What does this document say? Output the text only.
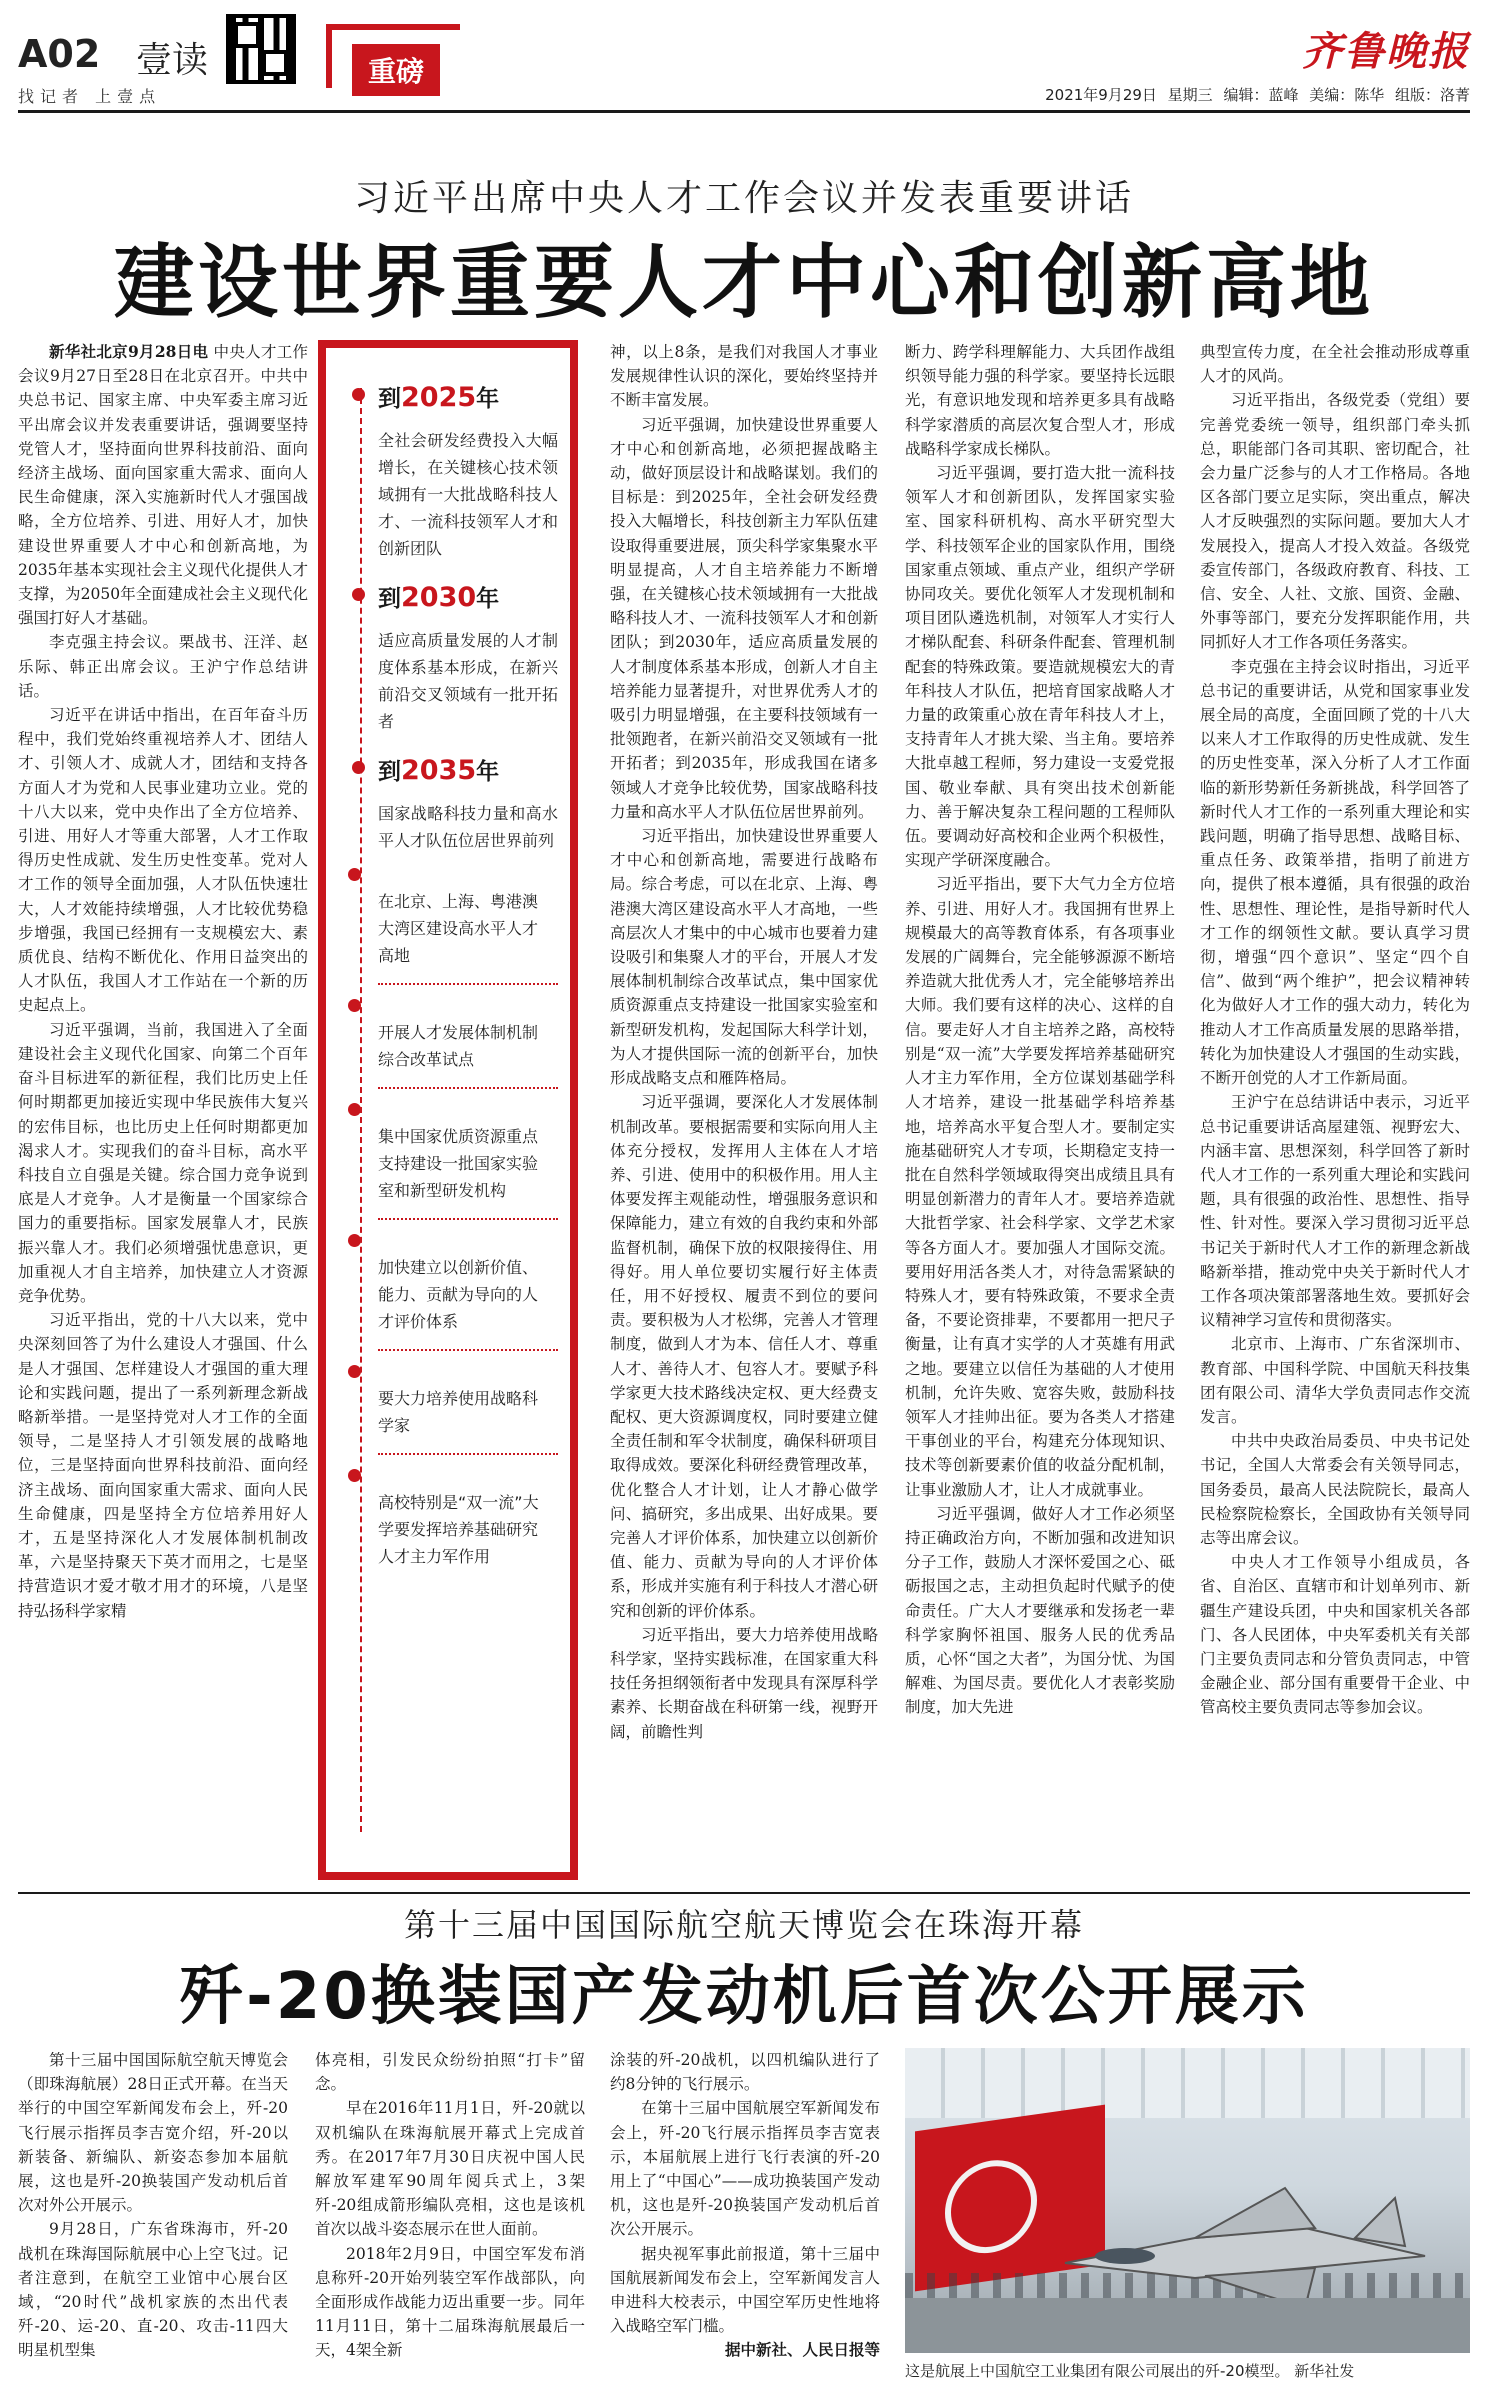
A02 壹读
找记者 上壹点
重磅	齐鲁晚报
2021年9月29日 星期三 编辑：蓝峰 美编：陈华 组版：洛菁
习近平出席中央人才工作会议并发表重要讲话
建设世界重要人才中心和创新高地

新华社北京9月28日电 中央人才工作会议9月27日至28日在北京召开。中共中央总书记、国家主席、中央军委主席习近平出席会议并发表重要讲话，强调要坚持党管人才，坚持面向世界科技前沿、面向经济主战场、面向国家重大需求、面向人民生命健康，深入实施新时代人才强国战略，全方位培养、引进、用好人才，加快建设世界重要人才中心和创新高地，为2035年基本实现社会主义现代化提供人才支撑，为2050年全面建成社会主义现代化强国打好人才基础。

李克强主持会议。栗战书、汪洋、赵乐际、韩正出席会议。王沪宁作总结讲话。

习近平在讲话中指出，在百年奋斗历程中，我们党始终重视培养人才、团结人才、引领人才、成就人才，团结和支持各方面人才为党和人民事业建功立业。党的十八大以来，党中央作出了全方位培养、引进、用好人才等重大部署，人才工作取得历史性成就、发生历史性变革。党对人才工作的领导全面加强，人才队伍快速壮大，人才效能持续增强，人才比较优势稳步增强，我国已经拥有一支规模宏大、素质优良、结构不断优化、作用日益突出的人才队伍，我国人才工作站在一个新的历史起点上。

习近平强调，当前，我国进入了全面建设社会主义现代化国家、向第二个百年奋斗目标进军的新征程，我们比历史上任何时期都更加接近实现中华民族伟大复兴的宏伟目标，也比历史上任何时期都更加渴求人才。实现我们的奋斗目标，高水平科技自立自强是关键。综合国力竞争说到底是人才竞争。人才是衡量一个国家综合国力的重要指标。国家发展靠人才，民族振兴靠人才。我们必须增强忧患意识，更加重视人才自主培养，加快建立人才资源竞争优势。

习近平指出，党的十八大以来，党中央深刻回答了为什么建设人才强国、什么是人才强国、怎样建设人才强国的重大理论和实践问题，提出了一系列新理念新战略新举措。一是坚持党对人才工作的全面领导，二是坚持人才引领发展的战略地位，三是坚持面向世界科技前沿、面向经济主战场、面向国家重大需求、面向人民生命健康，四是坚持全方位培养用好人才，五是坚持深化人才发展体制机制改革，六是坚持聚天下英才而用之，七是坚持营造识才爱才敬才用才的环境，八是坚持弘扬科学家精

到2025年
全社会研发经费投入大幅增长，在关键核心技术领域拥有一大批战略科技人才、一流科技领军人才和创新团队
到2030年
适应高质量发展的人才制度体系基本形成，在新兴前沿交叉领域有一批开拓者
到2035年
国家战略科技力量和高水平人才队伍位居世界前列
在北京、上海、粤港澳大湾区建设高水平人才高地
开展人才发展体制机制综合改革试点
集中国家优质资源重点支持建设一批国家实验室和新型研发机构
加快建立以创新价值、能力、贡献为导向的人才评价体系
要大力培养使用战略科学家
高校特别是“双一流”大学要发挥培养基础研究人才主力军作用

神，以上8条，是我们对我国人才事业发展规律性认识的深化，要始终坚持并不断丰富发展。

习近平强调，加快建设世界重要人才中心和创新高地，必须把握战略主动，做好顶层设计和战略谋划。我们的目标是：到2025年，全社会研发经费投入大幅增长，科技创新主力军队伍建设取得重要进展，顶尖科学家集聚水平明显提高，人才自主培养能力不断增强，在关键核心技术领域拥有一大批战略科技人才、一流科技领军人才和创新团队；到2030年，适应高质量发展的人才制度体系基本形成，创新人才自主培养能力显著提升，对世界优秀人才的吸引力明显增强，在主要科技领域有一批领跑者，在新兴前沿交叉领域有一批开拓者；到2035年，形成我国在诸多领域人才竞争比较优势，国家战略科技力量和高水平人才队伍位居世界前列。

习近平指出，加快建设世界重要人才中心和创新高地，需要进行战略布局。综合考虑，可以在北京、上海、粤港澳大湾区建设高水平人才高地，一些高层次人才集中的中心城市也要着力建设吸引和集聚人才的平台，开展人才发展体制机制综合改革试点，集中国家优质资源重点支持建设一批国家实验室和新型研发机构，发起国际大科学计划，为人才提供国际一流的创新平台，加快形成战略支点和雁阵格局。

习近平强调，要深化人才发展体制机制改革。要根据需要和实际向用人主体充分授权，发挥用人主体在人才培养、引进、使用中的积极作用。用人主体要发挥主观能动性，增强服务意识和保障能力，建立有效的自我约束和外部监督机制，确保下放的权限接得住、用得好。用人单位要切实履行好主体责任，用不好授权、履责不到位的要问责。要积极为人才松绑，完善人才管理制度，做到人才为本、信任人才、尊重人才、善待人才、包容人才。要赋予科学家更大技术路线决定权、更大经费支配权、更大资源调度权，同时要建立健全责任制和军令状制度，确保科研项目取得成效。要深化科研经费管理改革，优化整合人才计划，让人才静心做学问、搞研究，多出成果、出好成果。要完善人才评价体系，加快建立以创新价值、能力、贡献为导向的人才评价体系，形成并实施有利于科技人才潜心研究和创新的评价体系。

习近平指出，要大力培养使用战略科学家，坚持实践标准，在国家重大科技任务担纲领衔者中发现具有深厚科学素养、长期奋战在科研第一线，视野开阔，前瞻性判

断力、跨学科理解能力、大兵团作战组织领导能力强的科学家。要坚持长远眼光，有意识地发现和培养更多具有战略科学家潜质的高层次复合型人才，形成战略科学家成长梯队。

习近平强调，要打造大批一流科技领军人才和创新团队，发挥国家实验室、国家科研机构、高水平研究型大学、科技领军企业的国家队作用，围绕国家重点领域、重点产业，组织产学研协同攻关。要优化领军人才发现机制和项目团队遴选机制，对领军人才实行人才梯队配套、科研条件配套、管理机制配套的特殊政策。要造就规模宏大的青年科技人才队伍，把培育国家战略人才力量的政策重心放在青年科技人才上，支持青年人才挑大梁、当主角。要培养大批卓越工程师，努力建设一支爱党报国、敬业奉献、具有突出技术创新能力、善于解决复杂工程问题的工程师队伍。要调动好高校和企业两个积极性，实现产学研深度融合。

习近平指出，要下大气力全方位培养、引进、用好人才。我国拥有世界上规模最大的高等教育体系，有各项事业发展的广阔舞台，完全能够源源不断培养造就大批优秀人才，完全能够培养出大师。我们要有这样的决心、这样的自信。要走好人才自主培养之路，高校特别是“双一流”大学要发挥培养基础研究人才主力军作用，全方位谋划基础学科人才培养，建设一批基础学科培养基地，培养高水平复合型人才。要制定实施基础研究人才专项，长期稳定支持一批在自然科学领域取得突出成绩且具有明显创新潜力的青年人才。要培养造就大批哲学家、社会科学家、文学艺术家等各方面人才。要加强人才国际交流。要用好用活各类人才，对待急需紧缺的特殊人才，要有特殊政策，不要求全责备，不要论资排辈，不要都用一把尺子衡量，让有真才实学的人才英雄有用武之地。要建立以信任为基础的人才使用机制，允许失败、宽容失败，鼓励科技领军人才挂帅出征。要为各类人才搭建干事创业的平台，构建充分体现知识、技术等创新要素价值的收益分配机制，让事业激励人才，让人才成就事业。

习近平强调，做好人才工作必须坚持正确政治方向，不断加强和改进知识分子工作，鼓励人才深怀爱国之心、砥砺报国之志，主动担负起时代赋予的使命责任。广大人才要继承和发扬老一辈科学家胸怀祖国、服务人民的优秀品质，心怀“国之大者”，为国分忧、为国解难、为国尽责。要优化人才表彰奖励制度，加大先进

典型宣传力度，在全社会推动形成尊重人才的风尚。

习近平指出，各级党委（党组）要完善党委统一领导，组织部门牵头抓总，职能部门各司其职、密切配合，社会力量广泛参与的人才工作格局。各地区各部门要立足实际，突出重点，解决人才反映强烈的实际问题。要加大人才发展投入，提高人才投入效益。各级党委宣传部门，各级政府教育、科技、工信、安全、人社、文旅、国资、金融、外事等部门，要充分发挥职能作用，共同抓好人才工作各项任务落实。

李克强在主持会议时指出，习近平总书记的重要讲话，从党和国家事业发展全局的高度，全面回顾了党的十八大以来人才工作取得的历史性成就、发生的历史性变革，深入分析了人才工作面临的新形势新任务新挑战，科学回答了新时代人才工作的一系列重大理论和实践问题，明确了指导思想、战略目标、重点任务、政策举措，指明了前进方向，提供了根本遵循，具有很强的政治性、思想性、理论性，是指导新时代人才工作的纲领性文献。要认真学习贯彻，增强“四个意识”、坚定“四个自信”、做到“两个维护”，把会议精神转化为做好人才工作的强大动力，转化为推动人才工作高质量发展的思路举措，转化为加快建设人才强国的生动实践，不断开创党的人才工作新局面。

王沪宁在总结讲话中表示，习近平总书记重要讲话高屋建瓴、视野宏大、内涵丰富、思想深刻，科学回答了新时代人才工作的一系列重大理论和实践问题，具有很强的政治性、思想性、指导性、针对性。要深入学习贯彻习近平总书记关于新时代人才工作的新理念新战略新举措，推动党中央关于新时代人才工作各项决策部署落地生效。要抓好会议精神学习宣传和贯彻落实。

北京市、上海市、广东省深圳市、教育部、中国科学院、中国航天科技集团有限公司、清华大学负责同志作交流发言。

中共中央政治局委员、中央书记处书记，全国人大常委会有关领导同志，国务委员，最高人民法院院长，最高人民检察院检察长，全国政协有关领导同志等出席会议。

中央人才工作领导小组成员，各省、自治区、直辖市和计划单列市、新疆生产建设兵团，中央和国家机关各部门、各人民团体，中央军委机关有关部门主要负责同志和分管负责同志，中管金融企业、部分国有重要骨干企业、中管高校主要负责同志等参加会议。

第十三届中国国际航空航天博览会在珠海开幕
歼-20换装国产发动机后首次公开展示

第十三届中国国际航空航天博览会（即珠海航展）28日正式开幕。在当天举行的中国空军新闻发布会上，歼-20飞行展示指挥员李吉宽介绍，歼-20以新装备、新编队、新姿态参加本届航展，这也是歼-20换装国产发动机后首次对外公开展示。

9月28日，广东省珠海市，歼-20战机在珠海国际航展中心上空飞过。记者注意到，在航空工业馆中心展台区域，“20时代”战机家族的杰出代表歼-20、运-20、直-20、攻击-11四大明星机型集

体亮相，引发民众纷纷拍照“打卡”留念。

早在2016年11月1日，歼-20就以双机编队在珠海航展开幕式上完成首秀。在2017年7月30日庆祝中国人民解放军建军90周年阅兵式上，3架歼-20组成箭形编队亮相，这也是该机首次以战斗姿态展示在世人面前。

2018年2月9日，中国空军发布消息称歼-20开始列装空军作战部队，向全面形成作战能力迈出重要一步。同年11月11日，第十二届珠海航展最后一天，4架全新

涂装的歼-20战机，以四机编队进行了约8分钟的飞行展示。

在第十三届中国航展空军新闻发布会上，歼-20飞行展示指挥员李吉宽表示，本届航展上进行飞行表演的歼-20用上了“中国心”——成功换装国产发动机，这也是歼-20换装国产发动机后首次公开展示。

据央视军事此前报道，第十三届中国航展新闻发布会上，空军新闻发言人申进科大校表示，中国空军历史性地将入战略空军门槛。

据中新社、人民日报等

这是航展上中国航空工业集团有限公司展出的歼-20模型。 新华社发
